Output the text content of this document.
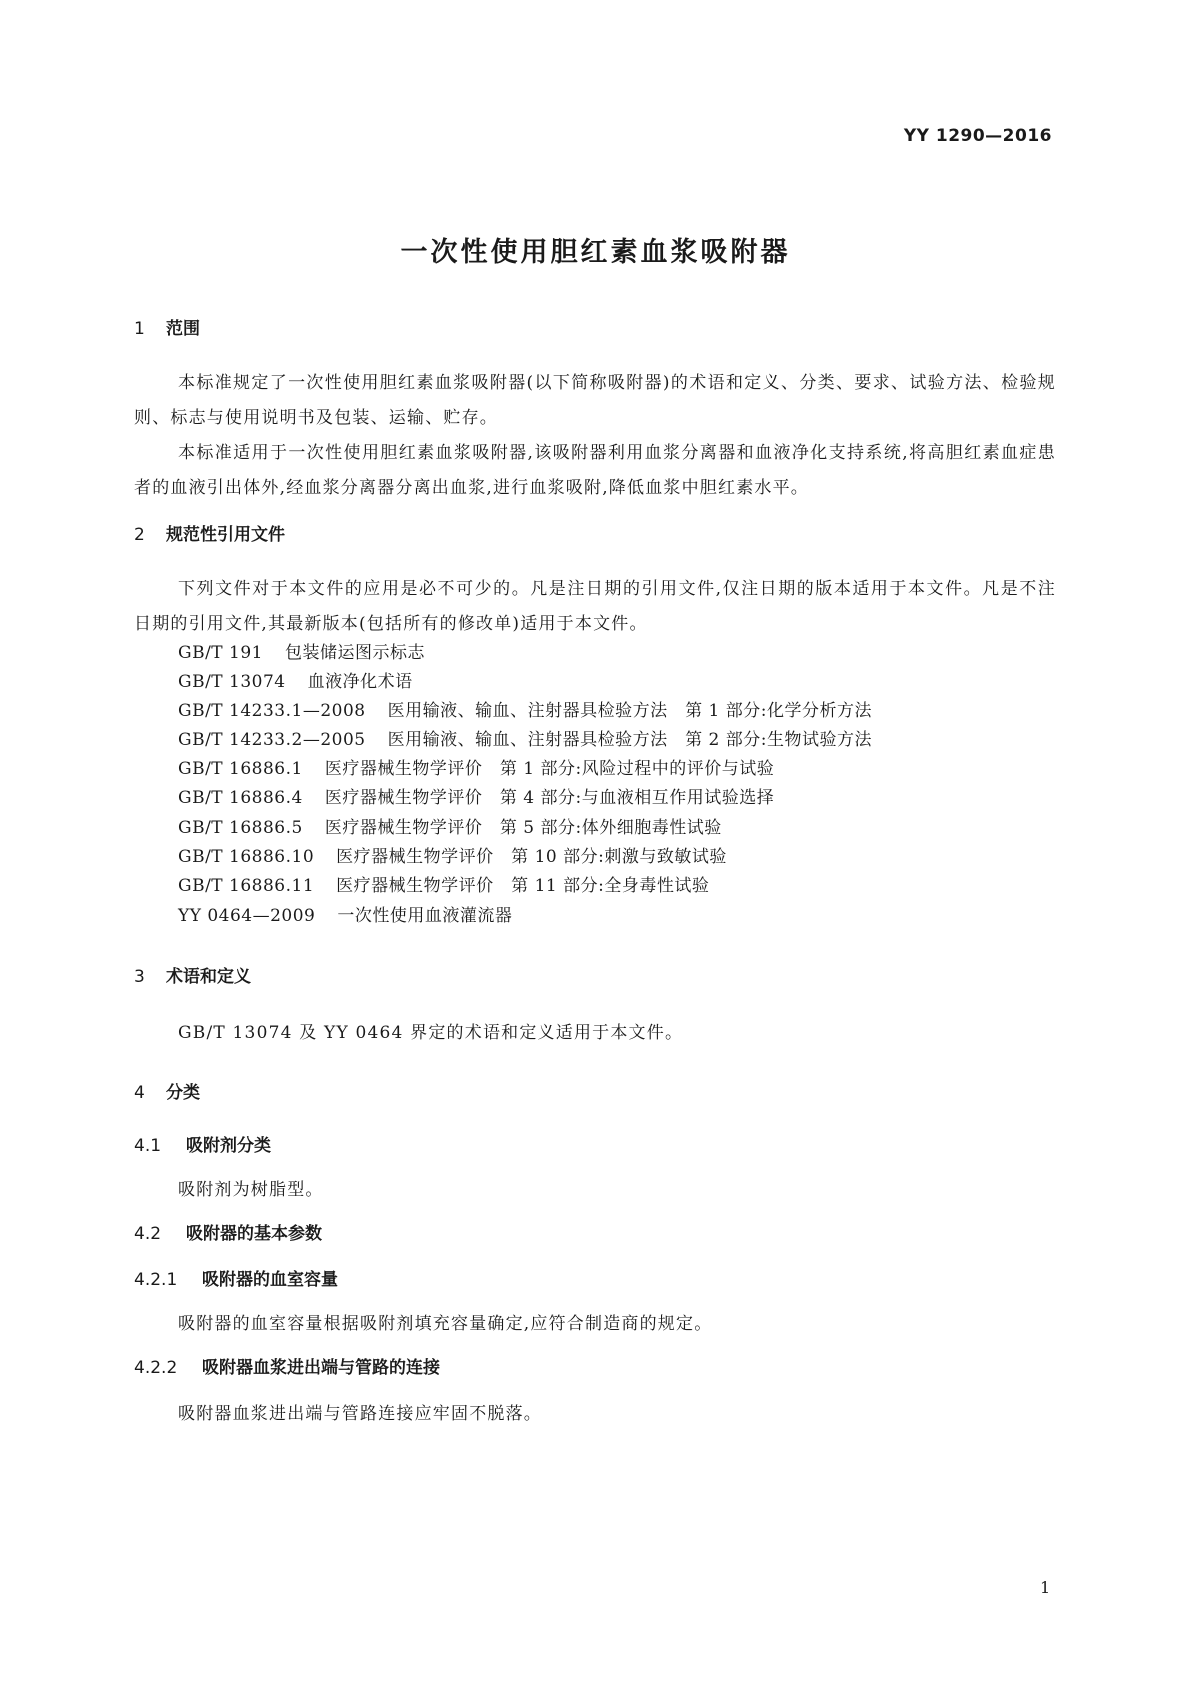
YY 1290—2016
一次性使用胆红素血浆吸附器
1 范围
本标准规定了一次性使用胆红素血浆吸附器(以下简称吸附器)的术语和定义、分类、要求、试验方法、检验规则、标志与使用说明书及包装、运输、贮存。
本标准适用于一次性使用胆红素血浆吸附器,该吸附器利用血浆分离器和血液净化支持系统,将高胆红素血症患者的血液引出体外,经血浆分离器分离出血浆,进行血浆吸附,降低血浆中胆红素水平。
2 规范性引用文件
下列文件对于本文件的应用是必不可少的。凡是注日期的引用文件,仅注日期的版本适用于本文件。凡是不注日期的引用文件,其最新版本(包括所有的修改单)适用于本文件。
GB/T 191 包装储运图示标志
GB/T 13074 血液净化术语
GB/T 14233.1—2008 医用输液、输血、注射器具检验方法　第 1 部分:化学分析方法
GB/T 14233.2—2005 医用输液、输血、注射器具检验方法　第 2 部分:生物试验方法
GB/T 16886.1 医疗器械生物学评价　第 1 部分:风险过程中的评价与试验
GB/T 16886.4 医疗器械生物学评价　第 4 部分:与血液相互作用试验选择
GB/T 16886.5 医疗器械生物学评价　第 5 部分:体外细胞毒性试验
GB/T 16886.10 医疗器械生物学评价　第 10 部分:刺激与致敏试验
GB/T 16886.11 医疗器械生物学评价　第 11 部分:全身毒性试验
YY 0464—2009 一次性使用血液灌流器
3 术语和定义
GB/T 13074 及 YY 0464 界定的术语和定义适用于本文件。
4 分类
4.1 吸附剂分类
吸附剂为树脂型。
4.2 吸附器的基本参数
4.2.1 吸附器的血室容量
吸附器的血室容量根据吸附剂填充容量确定,应符合制造商的规定。
4.2.2 吸附器血浆进出端与管路的连接
吸附器血浆进出端与管路连接应牢固不脱落。
1
